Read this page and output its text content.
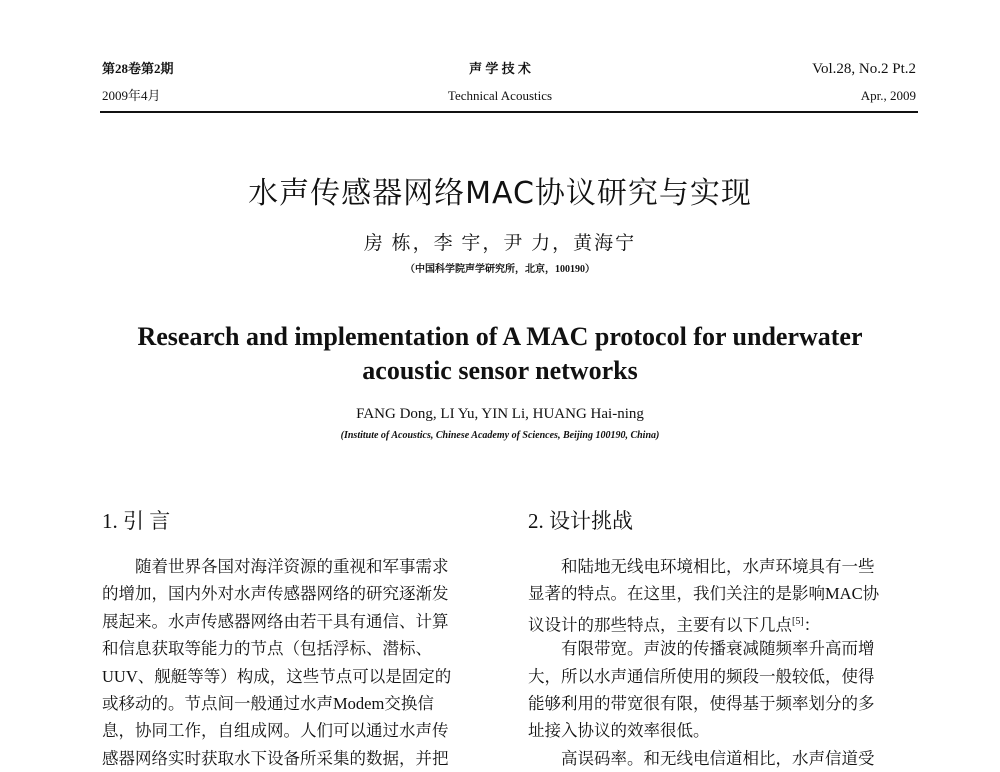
第28卷第2期
2009年4月
声 学 技 术
Technical Acoustics
Vol.28, No.2 Pt.2
Apr., 2009
水声传感器网络MAC协议研究与实现
房 栋，李 宇，尹 力，黄海宁
（中国科学院声学研究所，北京，100190）
Research and implementation of A MAC protocol for underwater
acoustic sensor networks
FANG Dong, LI Yu, YIN Li, HUANG Hai-ning
(Institute of Acoustics, Chinese Academy of Sciences, Beijing 100190, China)
1. 引 言
随着世界各国对海洋资源的重视和军事需求
的增加，国内外对水声传感器网络的研究逐渐发
展起来。水声传感器网络由若干具有通信、计算
和信息获取等能力的节点（包括浮标、潜标、
UUV、舰艇等等）构成，这些节点可以是固定的
或移动的。节点间一般通过水声Modem交换信
息，协同工作，自组成网。人们可以通过水声传
感器网络实时获取水下设备所采集的数据，并把
2. 设计挑战
和陆地无线电环境相比，水声环境具有一些
显著的特点。在这里，我们关注的是影响MAC协
议设计的那些特点，主要有以下几点[5]：
有限带宽。声波的传播衰减随频率升高而增
大，所以水声通信所使用的频段一般较低，使得
能够利用的带宽很有限，使得基于频率划分的多
址接入协议的效率很低。
高误码率。和无线电信道相比，水声信道受
